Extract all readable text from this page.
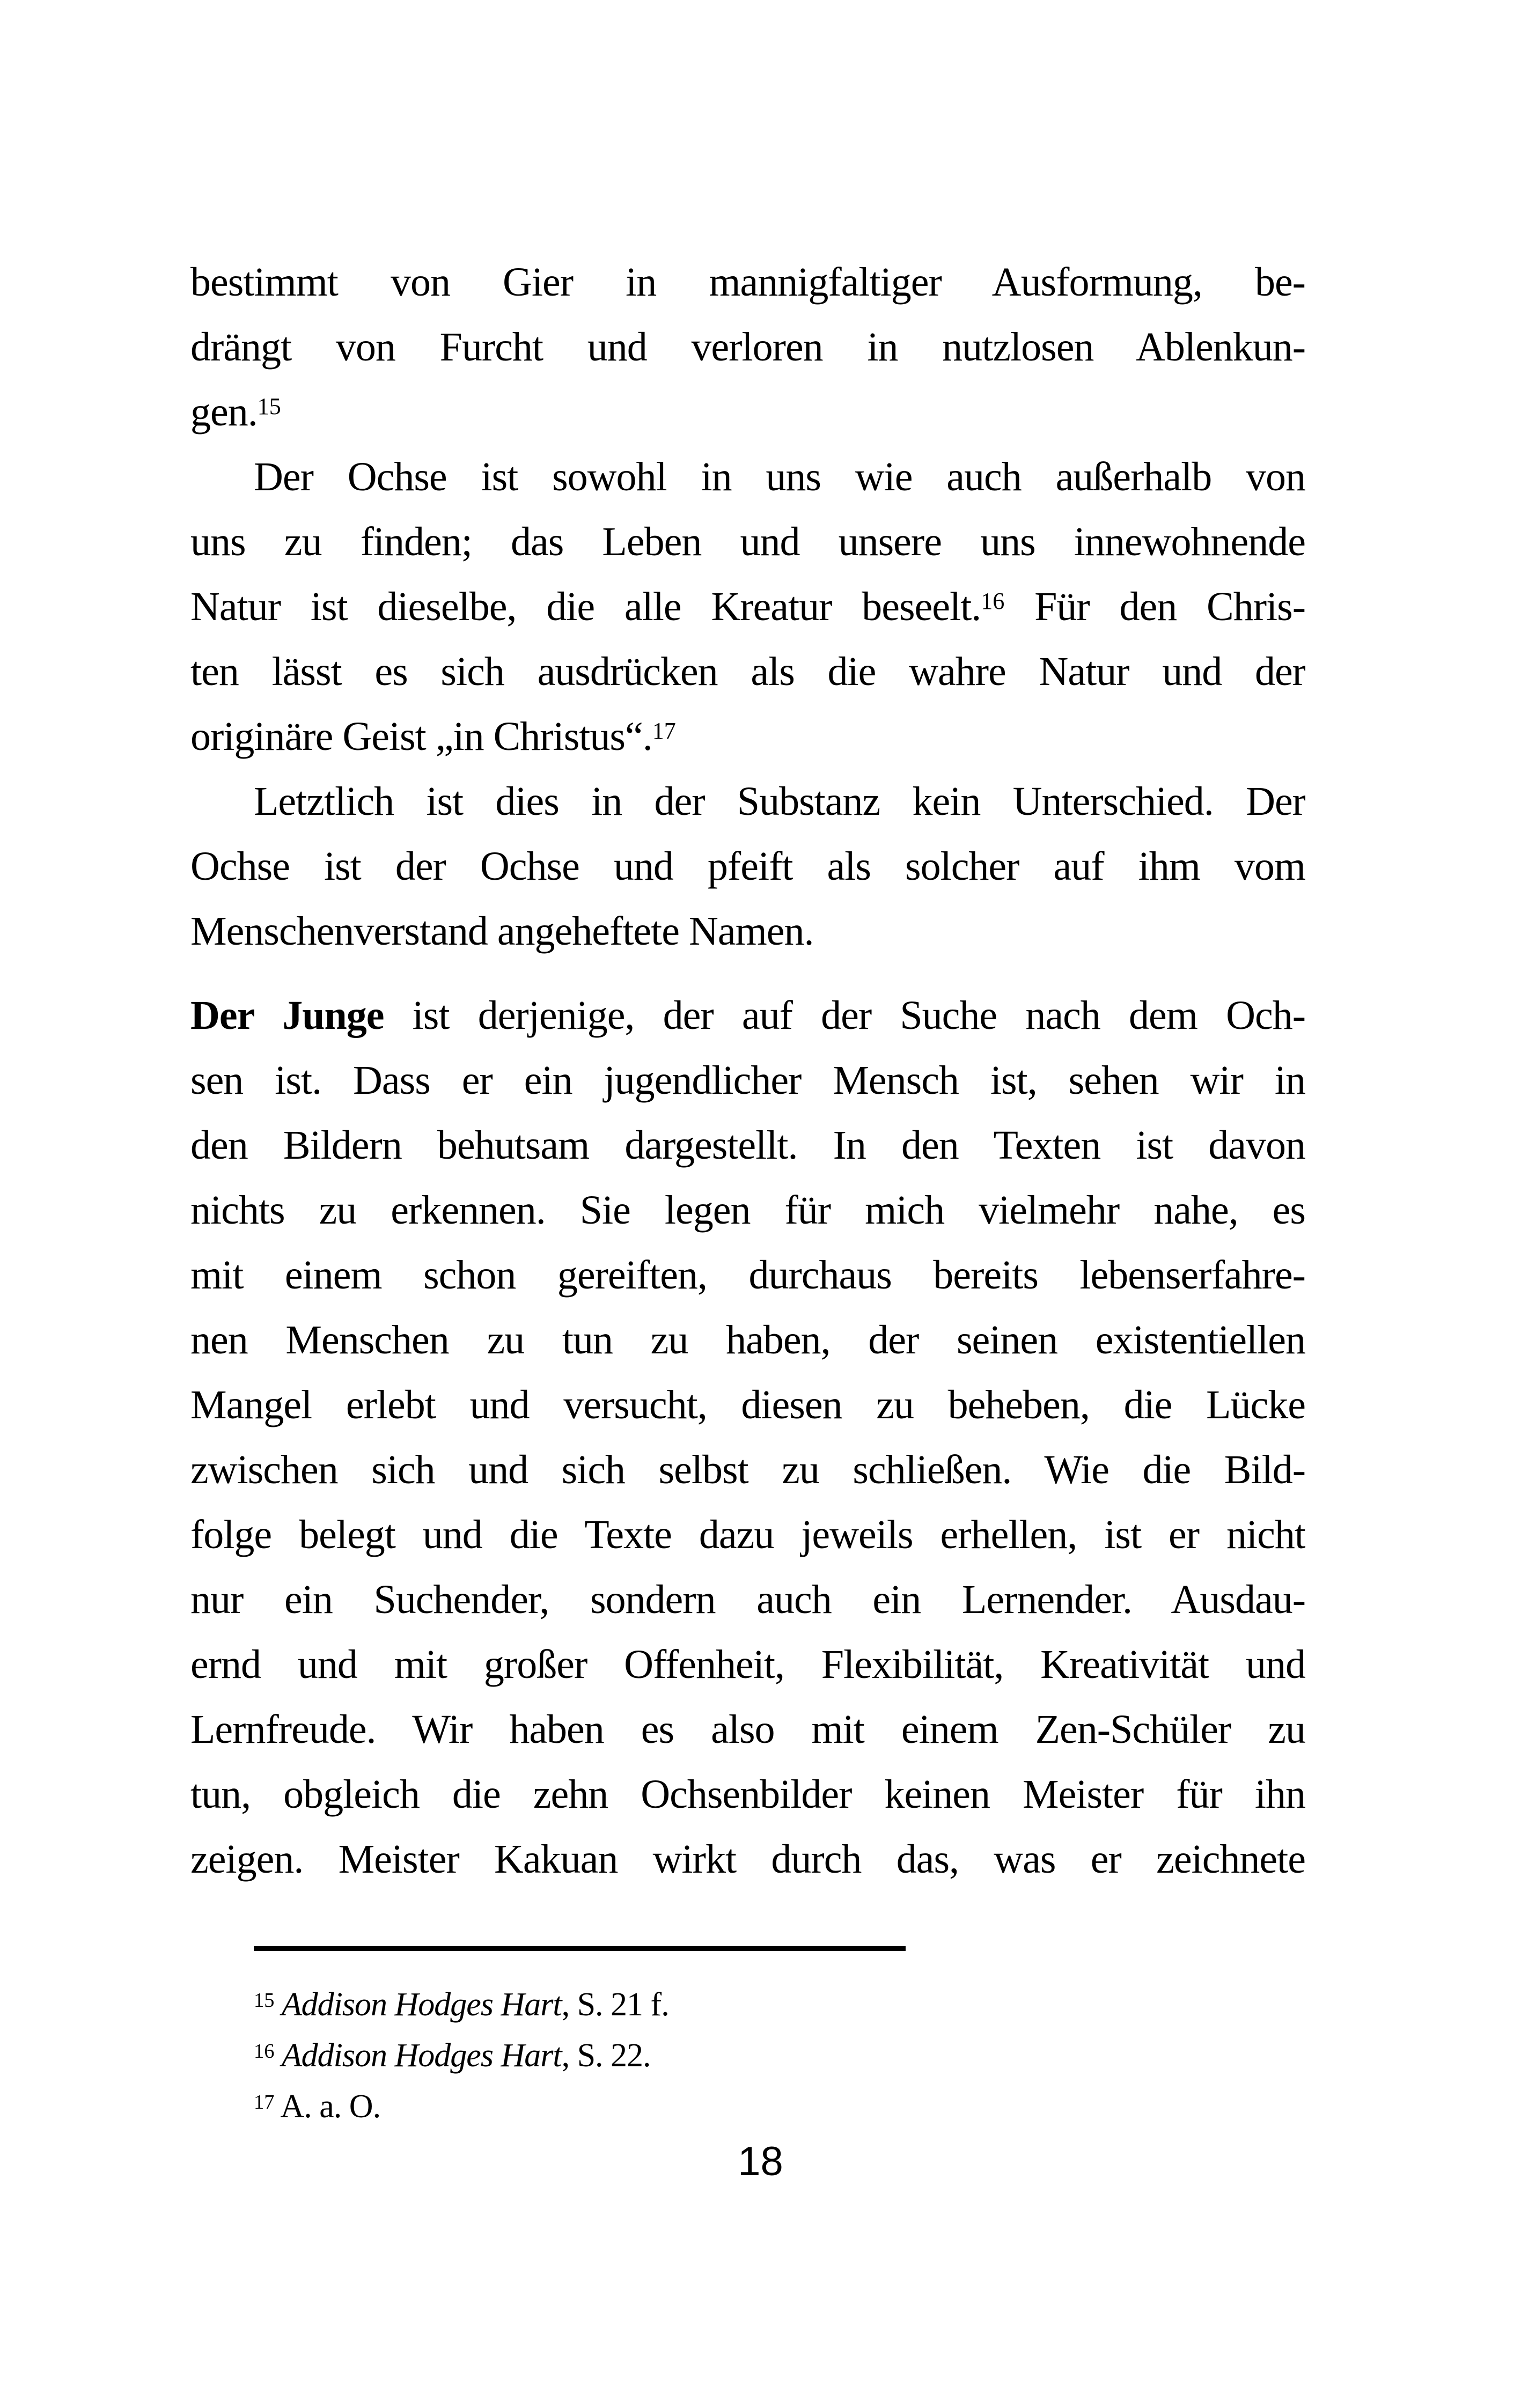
bestimmt von Gier in mannigfaltiger Ausformung, be-
drängt von Furcht und verloren in nutzlosen Ablenkun-
gen.$^{15}$
Der Ochse ist sowohl in uns wie auch außerhalb von
uns zu finden; das Leben und unsere uns innewohnende
Natur ist dieselbe, die alle Kreatur beseelt.$^{16}$ Für den Chris-
ten lässt es sich ausdrücken als die wahre Natur und der
originäre Geist „in Christus“.$^{17}$
Letztlich ist dies in der Substanz kein Unterschied. Der
Ochse ist der Ochse und pfeift als solcher auf ihm vom
Menschenverstand angeheftete Namen.
Der Junge ist derjenige, der auf der Suche nach dem Och-
sen ist. Dass er ein jugendlicher Mensch ist, sehen wir in
den Bildern behutsam dargestellt. In den Texten ist davon
nichts zu erkennen. Sie legen für mich vielmehr nahe, es
mit einem schon gereiften, durchaus bereits lebenserfahre-
nen Menschen zu tun zu haben, der seinen existentiellen
Mangel erlebt und versucht, diesen zu beheben, die Lücke
zwischen sich und sich selbst zu schließen. Wie die Bild-
folge belegt und die Texte dazu jeweils erhellen, ist er nicht
nur ein Suchender, sondern auch ein Lernender. Ausdau-
ernd und mit großer Offenheit, Flexibilität, Kreativität und
Lernfreude. Wir haben es also mit einem Zen-Schüler zu
tun, obgleich die zehn Ochsenbilder keinen Meister für ihn
zeigen. Meister Kakuan wirkt durch das, was er zeichnete
$^{15}$ Addison Hodges Hart, S. 21 f.
$^{16}$ Addison Hodges Hart, S. 22.
$^{17}$ A. a. O.
18
